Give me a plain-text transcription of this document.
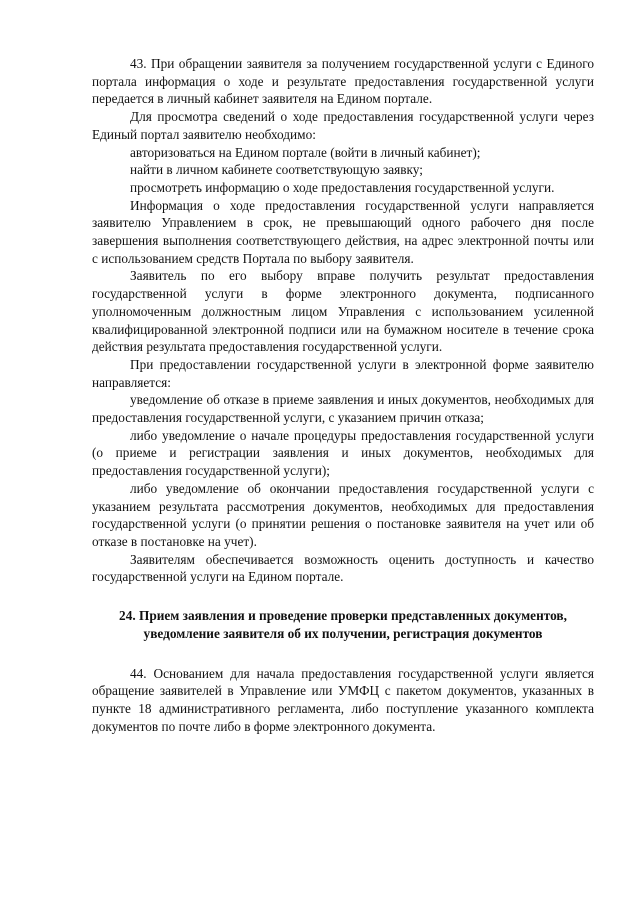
43. При обращении заявителя за получением государственной услуги с Единого портала информация о ходе и результате предоставления государственной услуги передается в личный кабинет заявителя на Едином портале.

Для просмотра сведений о ходе предоставления государственной услуги через Единый портал заявителю необходимо:

авторизоваться на Едином портале (войти в личный кабинет);

найти в личном кабинете соответствующую заявку;

просмотреть информацию о ходе предоставления государственной услуги.

Информация о ходе предоставления государственной услуги направляется заявителю Управлением в срок, не превышающий одного рабочего дня после завершения выполнения соответствующего действия, на адрес электронной почты или с использованием средств Портала по выбору заявителя.

Заявитель по его выбору вправе получить результат предоставления государственной услуги в форме электронного документа, подписанного уполномоченным должностным лицом Управления с использованием усиленной квалифицированной электронной подписи или на бумажном носителе в течение срока действия результата предоставления государственной услуги.

При предоставлении государственной услуги в электронной форме заявителю направляется:

уведомление об отказе в приеме заявления и иных документов, необходимых для предоставления государственной услуги, с указанием причин отказа;

либо уведомление о начале процедуры предоставления государственной услуги (о приеме и регистрации заявления и иных документов, необходимых для предоставления государственной услуги);

либо уведомление об окончании предоставления государственной услуги с указанием результата рассмотрения документов, необходимых для предоставления государственной услуги (о принятии решения о постановке заявителя на учет или об отказе в постановке на учет).

Заявителям обеспечивается возможность оценить доступность и качество государственной услуги на Едином портале.

24. Прием заявления и проведение проверки представленных документов, уведомление заявителя об их получении, регистрация документов

44. Основанием для начала предоставления государственной услуги является обращение заявителей в Управление или УМФЦ с пакетом документов, указанных в пункте 18 административного регламента, либо поступление указанного комплекта документов по почте либо в форме электронного документа.
